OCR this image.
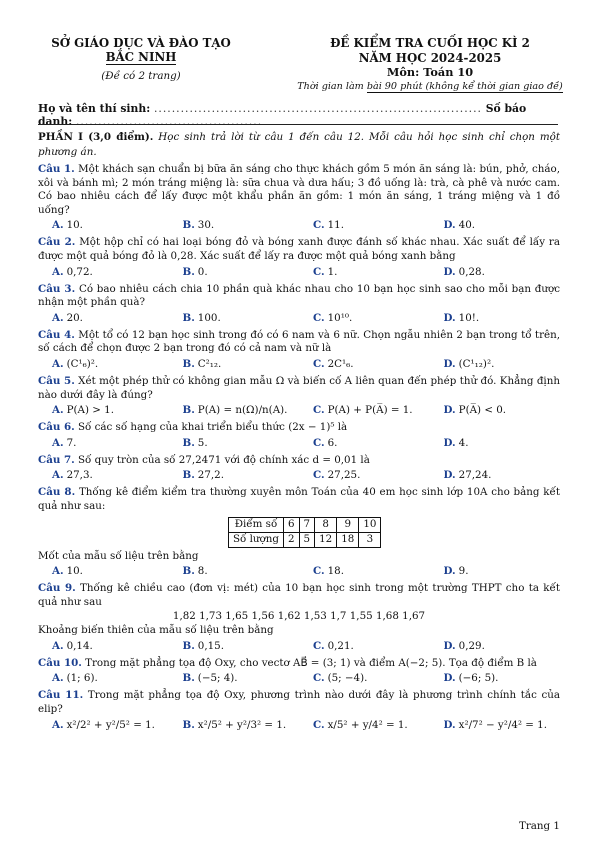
SỞ GIÁO DỤC VÀ ĐÀO TẠO
BẮC NINH
(Đề có 2 trang)
ĐỀ KIỂM TRA CUỐI HỌC KÌ 2
NĂM HỌC 2024-2025
Môn: Toán 10
Thời gian làm bài 90 phút (không kể thời gian giao đề)
Họ và tên thí sinh: .......................................................................... Số báo danh: ..........................................
PHẦN I (3,0 điểm). Học sinh trả lời từ câu 1 đến câu 12. Mỗi câu hỏi học sinh chỉ chọn một phương án.
Câu 1. Một khách sạn chuẩn bị bữa ăn sáng cho thực khách gồm 5 món ăn sáng là: bún, phở, cháo, xôi và bánh mì; 2 món tráng miệng là: sữa chua và dưa hấu; 3 đồ uống là: trà, cà phê và nước cam. Có bao nhiêu cách để lấy được một khẩu phần ăn gồm: 1 món ăn sáng, 1 tráng miệng và 1 đồ uống?
A. 10.	B. 30.	C. 11.	D. 40.
Câu 2. Một hộp chỉ có hai loại bóng đỏ và bóng xanh được đánh số khác nhau. Xác suất để lấy ra được một quả bóng đỏ là 0,28. Xác suất để lấy ra được một quả bóng xanh bằng
A. 0,72.	B. 0.	C. 1.	D. 0,28.
Câu 3. Có bao nhiêu cách chia 10 phần quà khác nhau cho 10 bạn học sinh sao cho mỗi bạn được nhận một phần quà?
A. 20.	B. 100.	C. 10¹⁰.	D. 10!.
Câu 4. Một tổ có 12 bạn học sinh trong đó có 6 nam và 6 nữ. Chọn ngẫu nhiên 2 bạn trong tổ trên, số cách để chọn được 2 bạn trong đó có cả nam và nữ là
A. (C¹₆)².	B. C²₁₂.	C. 2C¹₆.	D. (C¹₁₂)².
Câu 5. Xét một phép thử có không gian mẫu Ω và biến cố A liên quan đến phép thử đó. Khẳng định nào dưới đây là đúng?
A. P(A) > 1.	B. P(A) = n(Ω)/n(A).	C. P(A) + P(A̅) = 1.	D. P(A̅) < 0.
Câu 6. Số các số hạng của khai triển biểu thức (2x − 1)⁵ là
A. 7.	B. 5.	C. 6.	D. 4.
Câu 7. Số quy tròn của số 27,2471 với độ chính xác d = 0,01 là
A. 27,3.	B. 27,2.	C. 27,25.	D. 27,24.
Câu 8. Thống kê điểm kiểm tra thường xuyên môn Toán của 40 em học sinh lớp 10A cho bảng kết quả như sau:
Điểm số	6	7	8	9	10
Số lượng	2	5	12	18	3
Mốt của mẫu số liệu trên bằng
A. 10.	B. 8.	C. 18.	D. 9.
Câu 9. Thống kê chiều cao (đơn vị: mét) của 10 bạn học sinh trong một trường THPT cho ta kết quả như sau
1,82 1,73 1,65 1,56 1,62 1,53 1,7 1,55 1,68 1,67
Khoảng biến thiên của mẫu số liệu trên bằng
A. 0,14.	B. 0,15.	C. 0,21.	D. 0,29.
Câu 10. Trong mặt phẳng tọa độ Oxy, cho vectơ AB⃗ = (3; 1) và điểm A(−2; 5). Tọa độ điểm B là
A. (1; 6).	B. (−5; 4).	C. (5; −4).	D. (−6; 5).
Câu 11. Trong mặt phẳng tọa độ Oxy, phương trình nào dưới đây là phương trình chính tắc của elip?
A. x²/2² + y²/5² = 1.	B. x²/5² + y²/3² = 1.	C. x/5² + y/4² = 1.	D. x²/7² − y²/4² = 1.
Trang 1
